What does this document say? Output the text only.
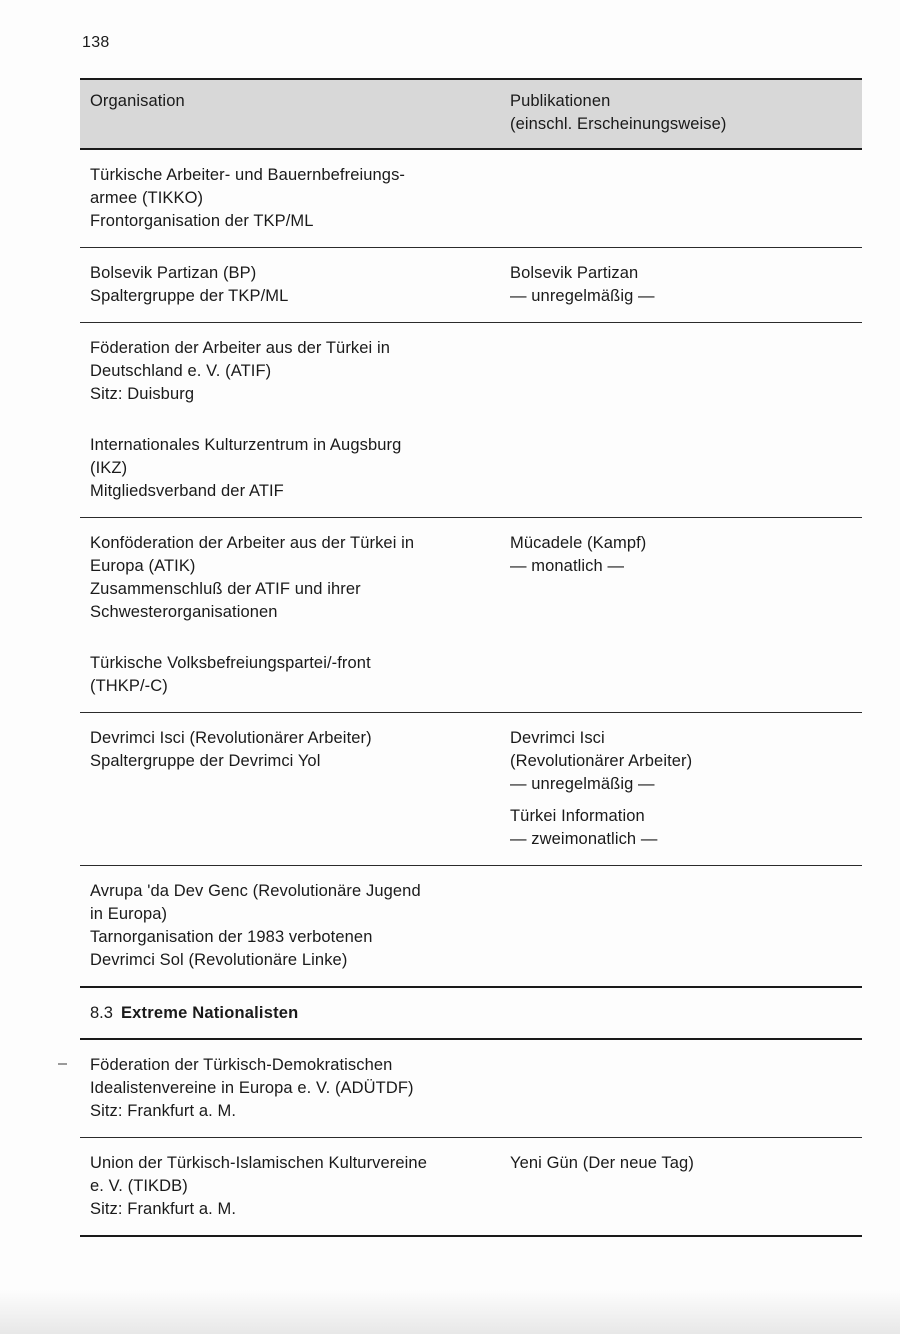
138
Organisation	Publikationen
(einschl. Erscheinungsweise)
Türkische Arbeiter- und Bauernbefreiungs-
armee (TIKKO)
Frontorganisation der TKP/ML
Bolsevik Partizan (BP)
Spaltergruppe der TKP/ML
Bolsevik Partizan
— unregelmäßig —
Föderation der Arbeiter aus der Türkei in
Deutschland e. V. (ATIF)
Sitz: Duisburg
Internationales Kulturzentrum in Augsburg
(IKZ)
Mitgliedsverband der ATIF
Konföderation der Arbeiter aus der Türkei in
Europa (ATIK)
Zusammenschluß der ATIF und ihrer
Schwesterorganisationen
Mücadele (Kampf)
— monatlich —
Türkische Volksbefreiungspartei/-front
(THKP/-C)
Devrimci Isci (Revolutionärer Arbeiter)
Spaltergruppe der Devrimci Yol
Devrimci Isci
(Revolutionärer Arbeiter)
— unregelmäßig —
Türkei Information
— zweimonatlich —
Avrupa 'da Dev Genc (Revolutionäre Jugend
in Europa)
Tarnorganisation der 1983 verbotenen
Devrimci Sol (Revolutionäre Linke)
8.3 Extreme Nationalisten
Föderation der Türkisch-Demokratischen
Idealistenvereine in Europa e. V. (ADÜTDF)
Sitz: Frankfurt a. M.
Union der Türkisch-Islamischen Kulturvereine
e. V. (TIKDB)
Sitz: Frankfurt a. M.
Yeni Gün (Der neue Tag)
